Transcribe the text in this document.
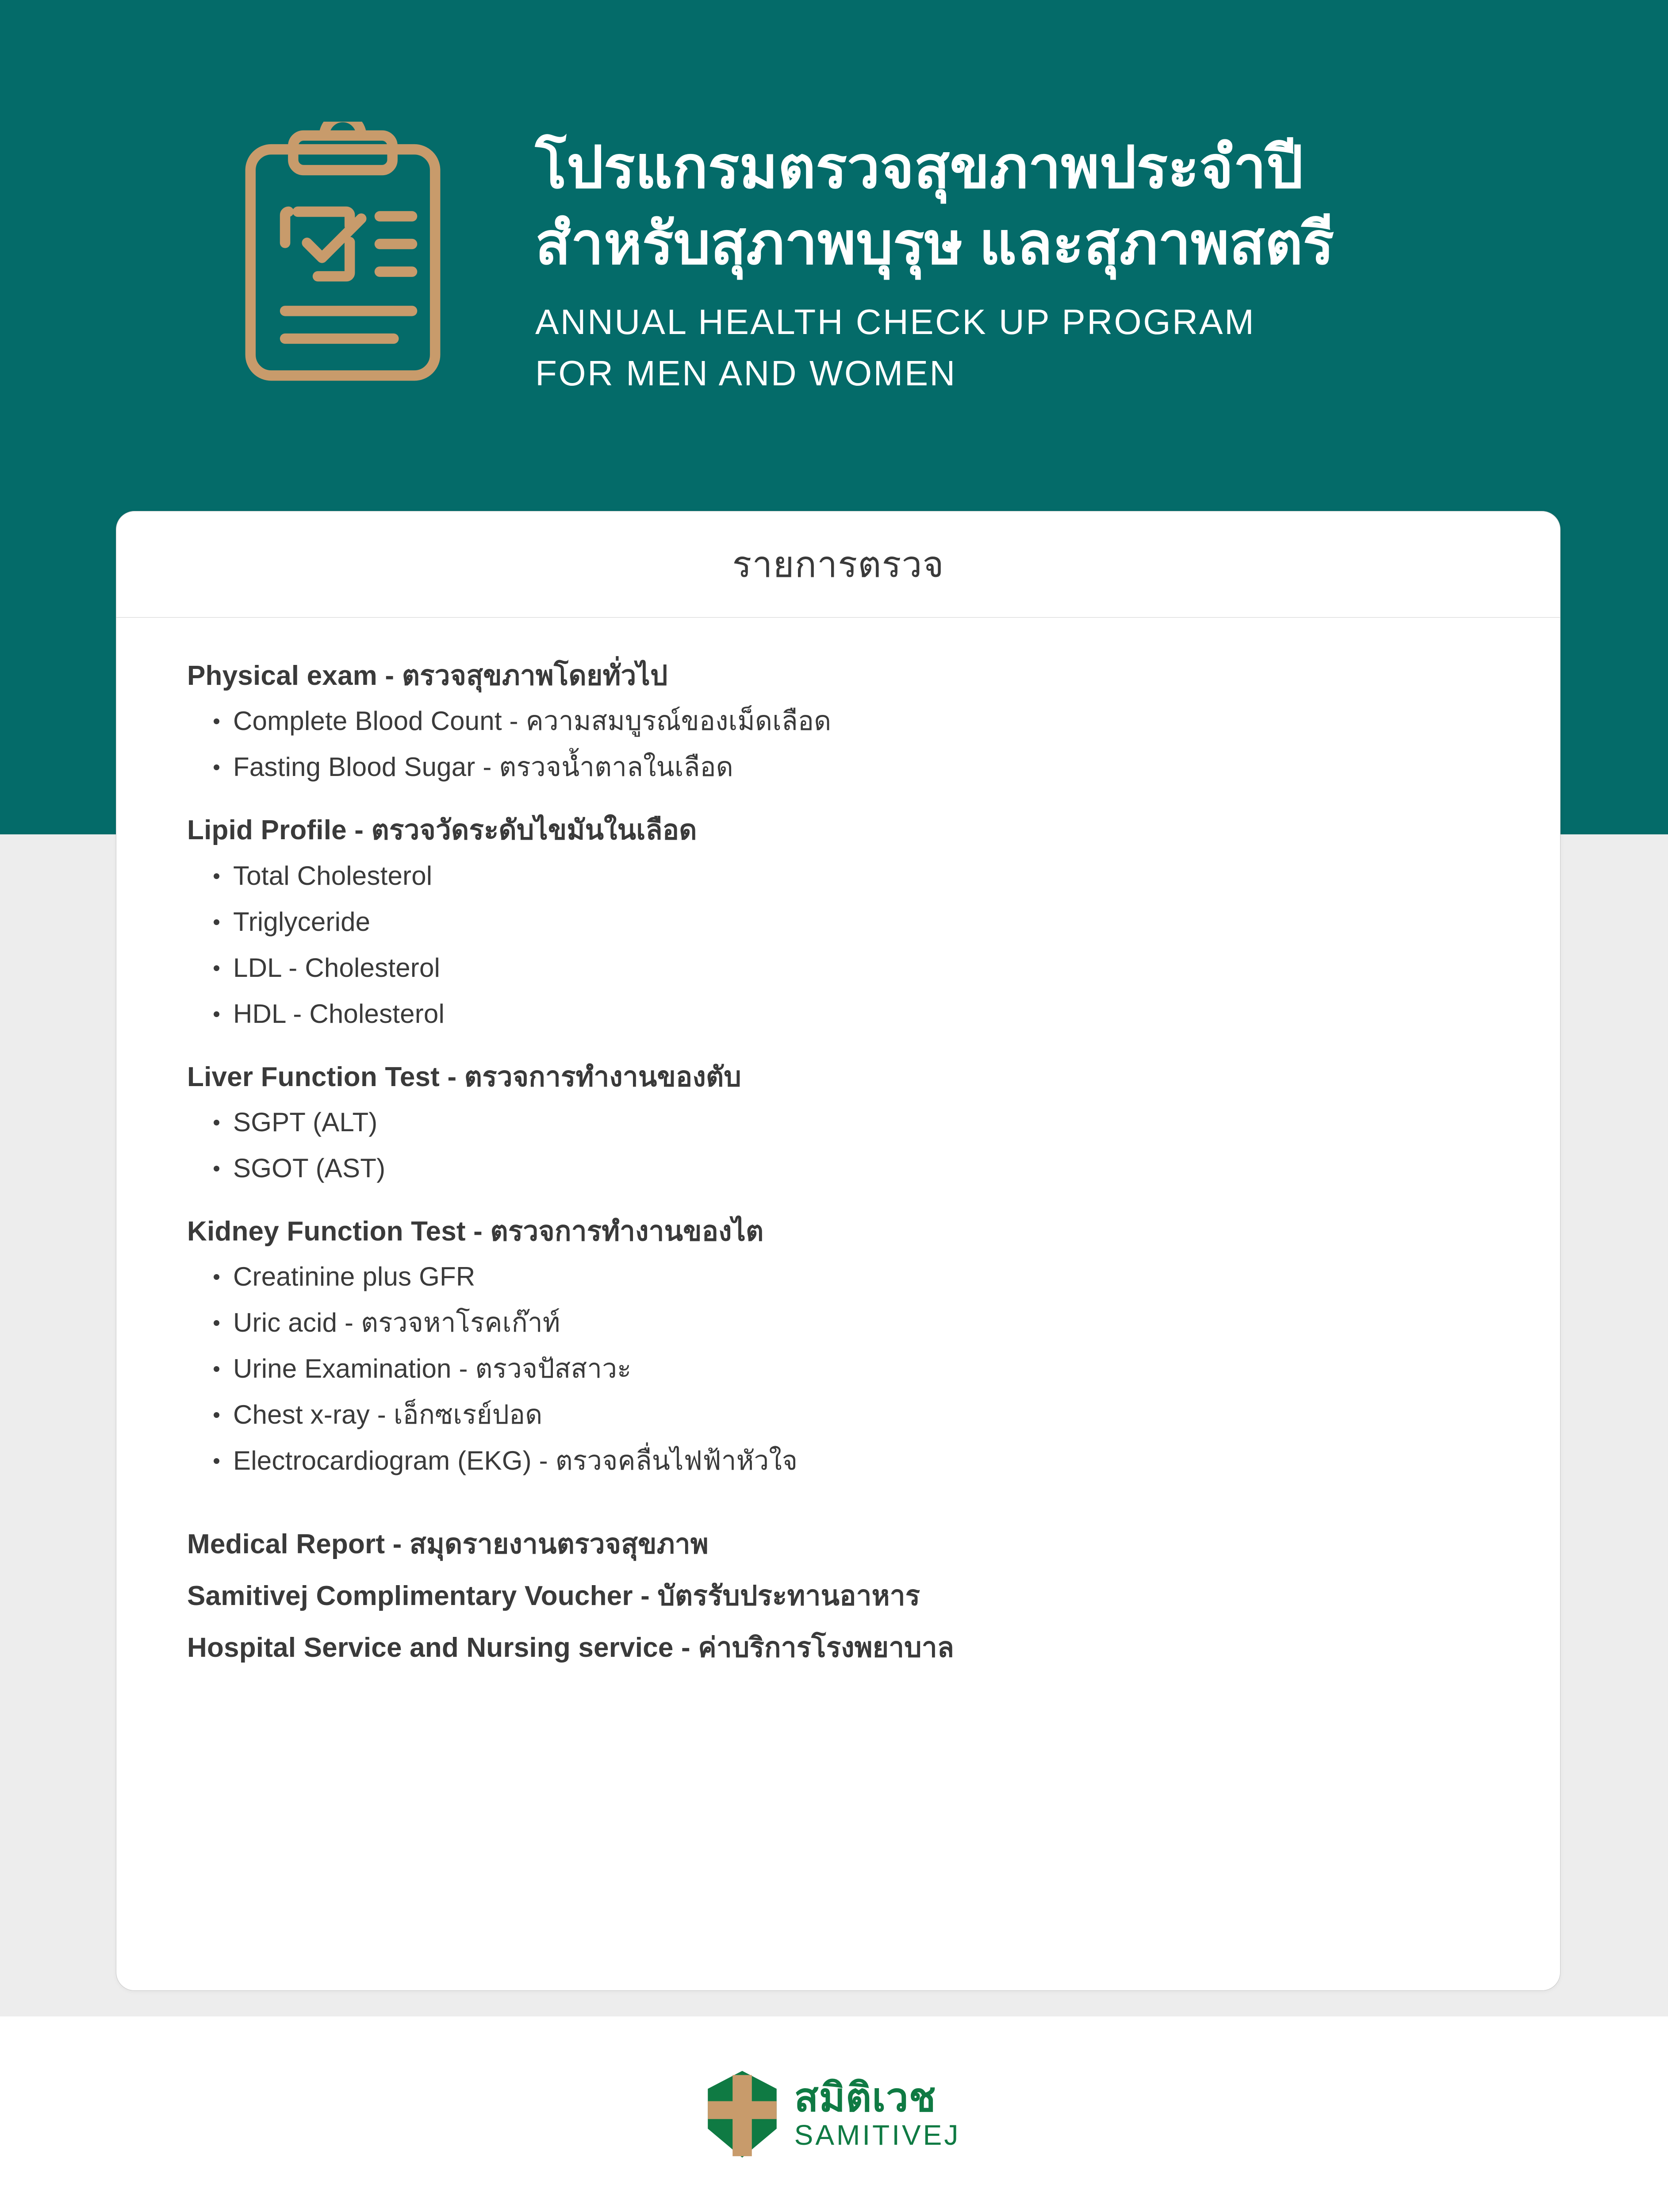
โปรแกรมตรวจสุขภาพประจำปี
สำหรับสุภาพบุรุษ และสุภาพสตรี
ANNUAL HEALTH CHECK UP PROGRAM
FOR MEN AND WOMEN
รายการตรวจ
Physical exam - ตรวจสุขภาพโดยทั่วไป
Complete Blood Count - ความสมบูรณ์ของเม็ดเลือด
Fasting Blood Sugar - ตรวจน้ำตาลในเลือด
Lipid Profile - ตรวจวัดระดับไขมันในเลือด
Total Cholesterol
Triglyceride
LDL - Cholesterol
HDL - Cholesterol
Liver Function Test - ตรวจการทำงานของตับ
SGPT (ALT)
SGOT (AST)
Kidney Function Test - ตรวจการทำงานของไต
Creatinine plus GFR
Uric acid - ตรวจหาโรคเก๊าท์
Urine Examination - ตรวจปัสสาวะ
Chest x-ray - เอ็กซเรย์ปอด
Electrocardiogram (EKG) - ตรวจคลื่นไฟฟ้าหัวใจ
Medical Report - สมุดรายงานตรวจสุขภาพ
Samitivej Complimentary Voucher - บัตรรับประทานอาหาร
Hospital Service and Nursing service - ค่าบริการโรงพยาบาล
สมิติเวช
SAMITIVEJ
